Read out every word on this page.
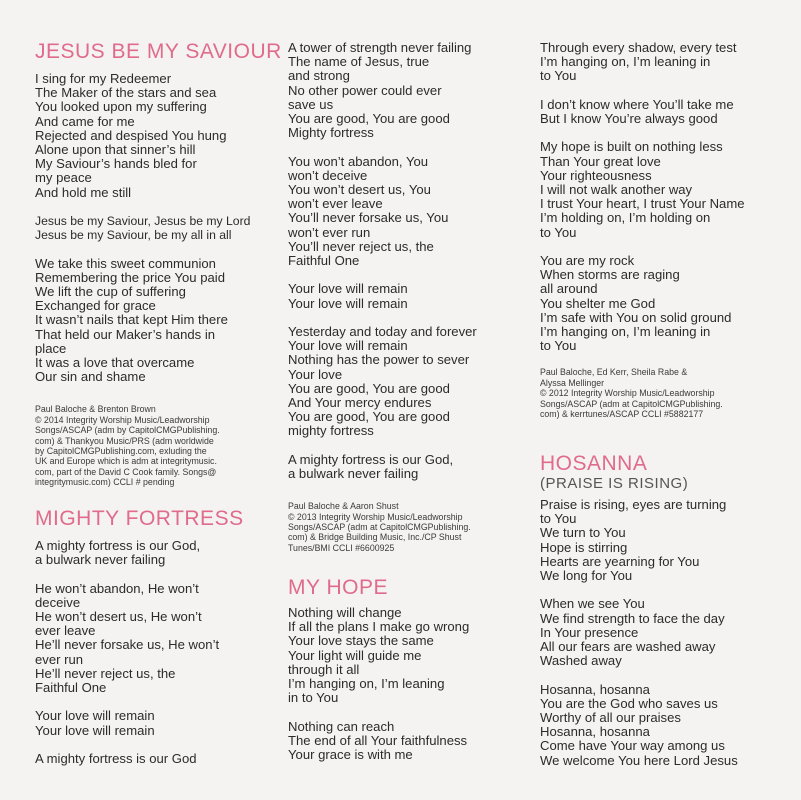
JESUS BE MY SAVIOUR
I sing for my Redeemer
The Maker of the stars and sea
You looked upon my suffering
And came for me
Rejected and despised You hung
Alone upon that sinner’s hill
My Saviour’s hands bled for
my peace
And hold me still
Jesus be my Saviour, Jesus be my Lord
Jesus be my Saviour, be my all in all
We take this sweet communion
Remembering the price You paid
We lift the cup of suffering
Exchanged for grace
It wasn’t nails that kept Him there
That held our Maker’s hands in
place
It was a love that overcame
Our sin and shame
Paul Baloche & Brenton Brown
© 2014 Integrity Worship Music/Leadworship
Songs/ASCAP (adm by CapitolCMGPublishing.
com) & Thankyou Music/PRS (adm worldwide
by CapitolCMGPublishing.com, exluding the
UK and Europe which is adm at integritymusic.
com, part of the David C Cook family. Songs@
integritymusic.com) CCLI # pending
MIGHTY FORTRESS
A mighty fortress is our God,
a bulwark never failing
He won’t abandon, He won’t
deceive
He won’t desert us, He won’t
ever leave
He’ll never forsake us, He won’t
ever run
He’ll never reject us, the
Faithful One
Your love will remain
Your love will remain
A mighty fortress is our God
A tower of strength never failing
The name of Jesus, true
and strong
No other power could ever
save us
You are good, You are good
Mighty fortress
You won’t abandon, You
won’t deceive
You won’t desert us, You
won’t ever leave
You’ll never forsake us, You
won’t ever run
You’ll never reject us, the
Faithful One
Your love will remain
Your love will remain
Yesterday and today and forever
Your love will remain
Nothing has the power to sever
Your love
You are good, You are good
And Your mercy endures
You are good, You are good
mighty fortress
A mighty fortress is our God,
a bulwark never failing
Paul Baloche & Aaron Shust
© 2013 Integrity Worship Music/Leadworship
Songs/ASCAP (adm at CapitolCMGPublishing.
com) & Bridge Building Music, Inc./CP Shust
Tunes/BMI CCLI #6600925
MY HOPE
Nothing will change
If all the plans I make go wrong
Your love stays the same
Your light will guide me
through it all
I’m hanging on, I’m leaning
in to You
Nothing can reach
The end of all Your faithfulness
Your grace is with me
Through every shadow, every test
I’m hanging on, I’m leaning in
to You
I don’t know where You’ll take me
But I know You’re always good
My hope is built on nothing less
Than Your great love
Your righteousness
I will not walk another way
I trust Your heart, I trust Your Name
I’m holding on, I’m holding on
to You
You are my rock
When storms are raging
all around
You shelter me God
I’m safe with You on solid ground
I’m hanging on, I’m leaning in
to You
Paul Baloche, Ed Kerr, Sheila Rabe &
Alyssa Mellinger
© 2012 Integrity Worship Music/Leadworship
Songs/ASCAP (adm at CapitolCMGPublishing.
com) & kerrtunes/ASCAP CCLI #5882177
HOSANNA
(PRAISE IS RISING)
Praise is rising, eyes are turning
to You
We turn to You
Hope is stirring
Hearts are yearning for You
We long for You
When we see You
We find strength to face the day
In Your presence
All our fears are washed away
Washed away
Hosanna, hosanna
You are the God who saves us
Worthy of all our praises
Hosanna, hosanna
Come have Your way among us
We welcome You here Lord Jesus
